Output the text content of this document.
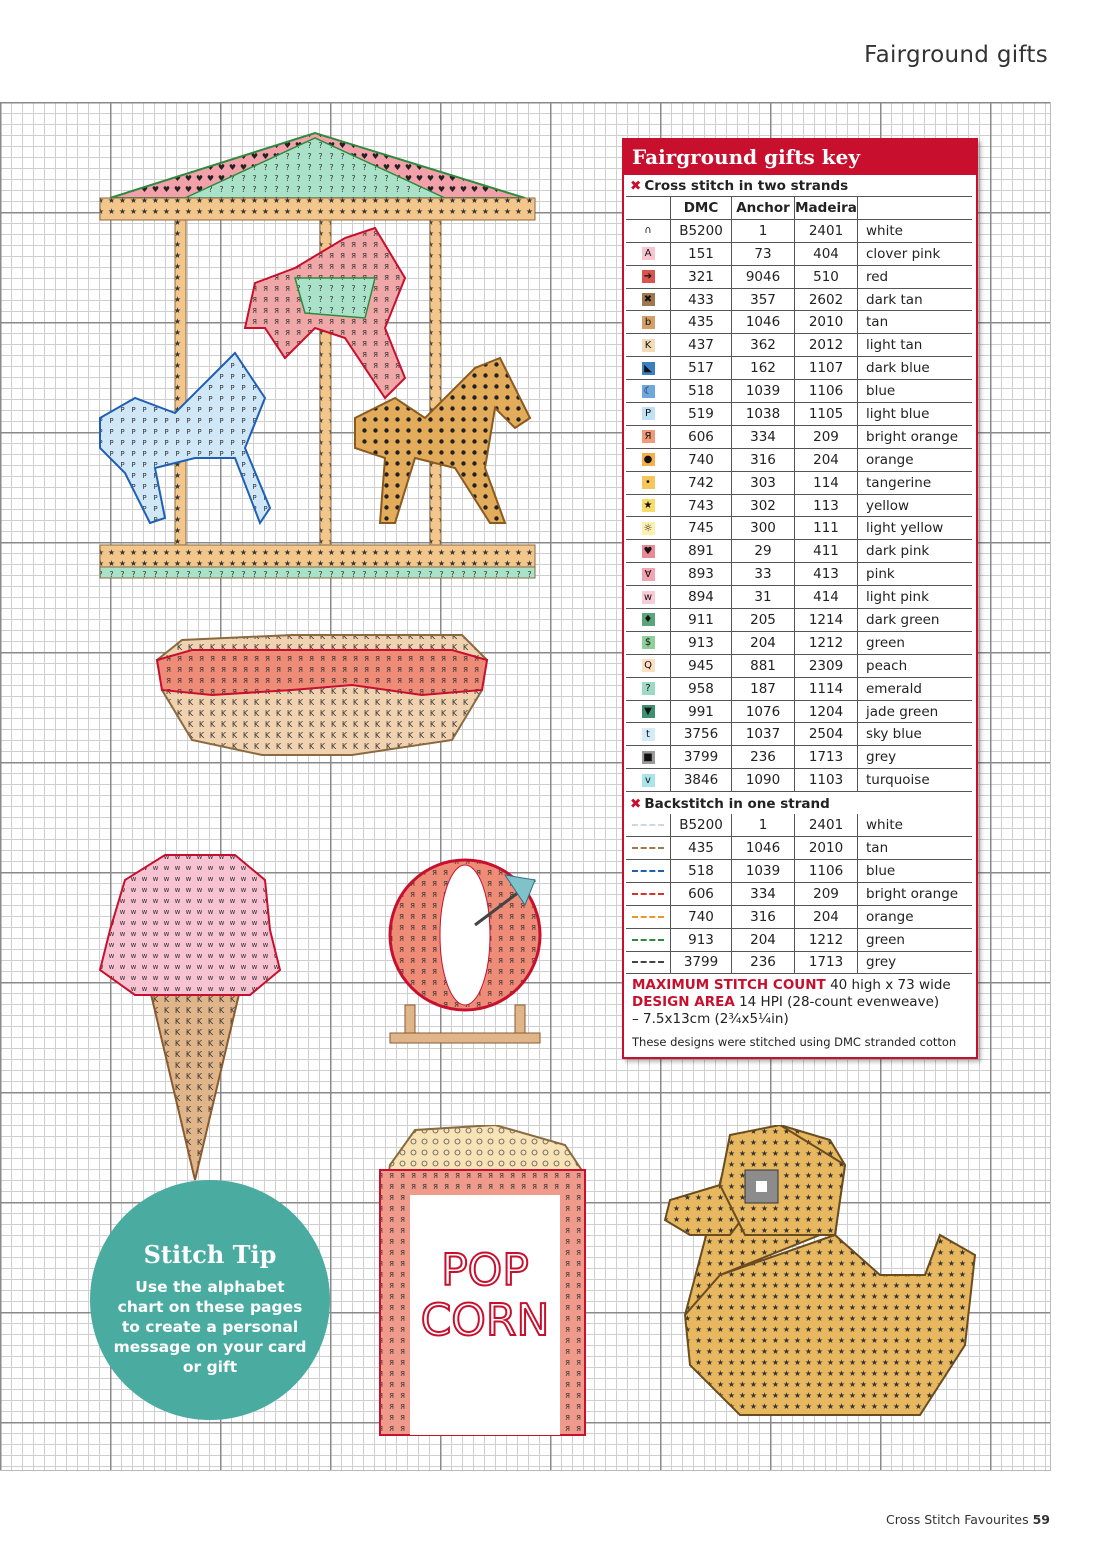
Fairground gifts
POP
CORN
Fairground gifts key
✖ Cross stitch in two strands
	DMC	Anchor	Madeira	
∩	B5200	1	2401	white
A	151	73	404	clover pink
➔	321	9046	510	red
✖	433	357	2602	dark tan
b	435	1046	2010	tan
K	437	362	2012	light tan
◣	517	162	1107	dark blue
☾	518	1039	1106	blue
P	519	1038	1105	light blue
Я	606	334	209	bright orange
●	740	316	204	orange
•	742	303	114	tangerine
★	743	302	113	yellow
☼	745	300	111	light yellow
♥	891	29	411	dark pink
Ɐ	893	33	413	pink
w	894	31	414	light pink
♦	911	205	1214	dark green
$	913	204	1212	green
Q	945	881	2309	peach
?	958	187	1114	emerald
▼	991	1076	1204	jade green
t	3756	1037	2504	sky blue
■	3799	236	1713	grey
v	3846	1090	1103	turquoise
✖ Backstitch in one strand
	B5200	1	2401	white
	435	1046	2010	tan
	518	1039	1106	blue
	606	334	209	bright orange
	740	316	204	orange
	913	204	1212	green
	3799	236	1713	grey
MAXIMUM STITCH COUNT 40 high x 73 wide
DESIGN AREA 14 HPI (28-count evenweave)
– 7.5x13cm (2¾x5¼in)
These designs were stitched using DMC stranded cotton
Stitch Tip
Use the alphabet chart on these pages to create a personal message on your card or gift
Cross Stitch Favourites 59
